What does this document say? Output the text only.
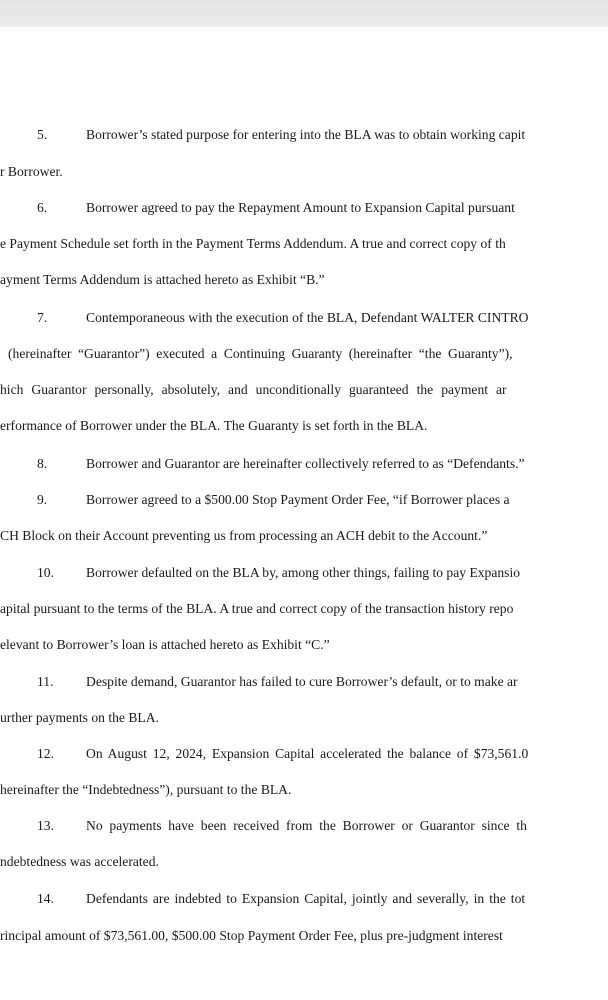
5.	Borrower’s stated purpose for entering into the BLA was to obtain working capit
r Borrower.
6.	Borrower agreed to pay the Repayment Amount to Expansion Capital pursuant
e Payment Schedule set forth in the Payment Terms Addendum. A true and correct copy of th
ayment Terms Addendum is attached hereto as Exhibit “B.”
7.	Contemporaneous with the execution of the BLA, Defendant WALTER CINTRO
(hereinafter “Guarantor”) executed a Continuing Guaranty (hereinafter “the Guaranty”),
hich Guarantor personally, absolutely, and unconditionally guaranteed the payment ar
erformance of Borrower under the BLA. The Guaranty is set forth in the BLA.
8.	Borrower and Guarantor are hereinafter collectively referred to as “Defendants.”
9.	Borrower agreed to a $500.00 Stop Payment Order Fee, “if Borrower places a
CH Block on their Account preventing us from processing an ACH debit to the Account.”
10. Borrower defaulted on the BLA by, among other things, failing to pay Expansio
apital pursuant to the terms of the BLA. A true and correct copy of the transaction history repo
elevant to Borrower’s loan is attached hereto as Exhibit “C.”
11. Despite demand, Guarantor has failed to cure Borrower’s default, or to make ar
urther payments on the BLA.
12. On August 12, 2024, Expansion Capital accelerated the balance of $73,561.0
hereinafter the “Indebtedness”), pursuant to the BLA.
13. No payments have been received from the Borrower or Guarantor since th
ndebtedness was accelerated.
14. Defendants are indebted to Expansion Capital, jointly and severally, in the tot
rincipal amount of $73,561.00, $500.00 Stop Payment Order Fee, plus pre-judgment interest
